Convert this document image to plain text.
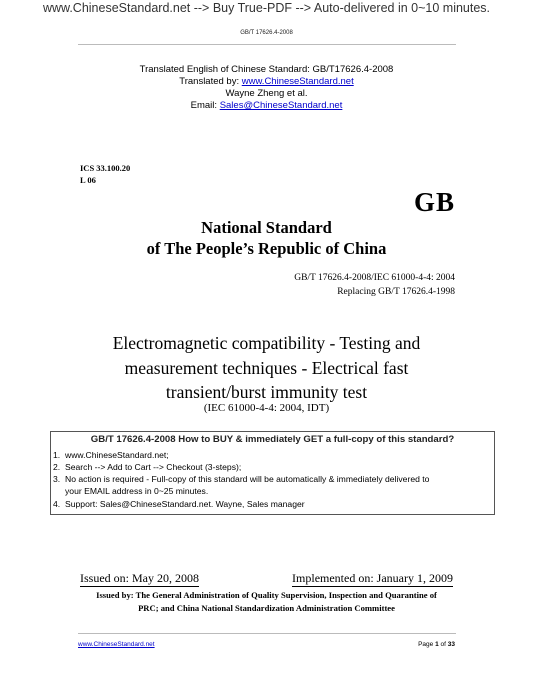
www.ChineseStandard.net --> Buy True-PDF --> Auto-delivered in 0~10 minutes.
GB/T 17626.4-2008
Translated English of Chinese Standard: GB/T17626.4-2008
Translated by: www.ChineseStandard.net
Wayne Zheng et al.
Email: Sales@ChineseStandard.net
ICS 33.100.20
L 06
GB
National Standard
of The People’s Republic of China
GB/T 17626.4-2008/IEC 61000-4-4: 2004
Replacing GB/T 17626.4-1998
Electromagnetic compatibility - Testing and
measurement techniques - Electrical fast
transient/burst immunity test
(IEC 61000-4-4: 2004, IDT)
GB/T 17626.4-2008 How to BUY & immediately GET a full-copy of this standard?
1. www.ChineseStandard.net;
2. Search --> Add to Cart --> Checkout (3-steps);
3. No action is required - Full-copy of this standard will be automatically & immediately delivered to
your EMAIL address in 0~25 minutes.
4. Support: Sales@ChineseStandard.net. Wayne, Sales manager
Issued on: May 20, 2008	Implemented on: January 1, 2009
Issued by: The General Administration of Quality Supervision, Inspection and Quarantine of
PRC; and China National Standardization Administration Committee
www.ChineseStandard.net	Page 1 of 33
